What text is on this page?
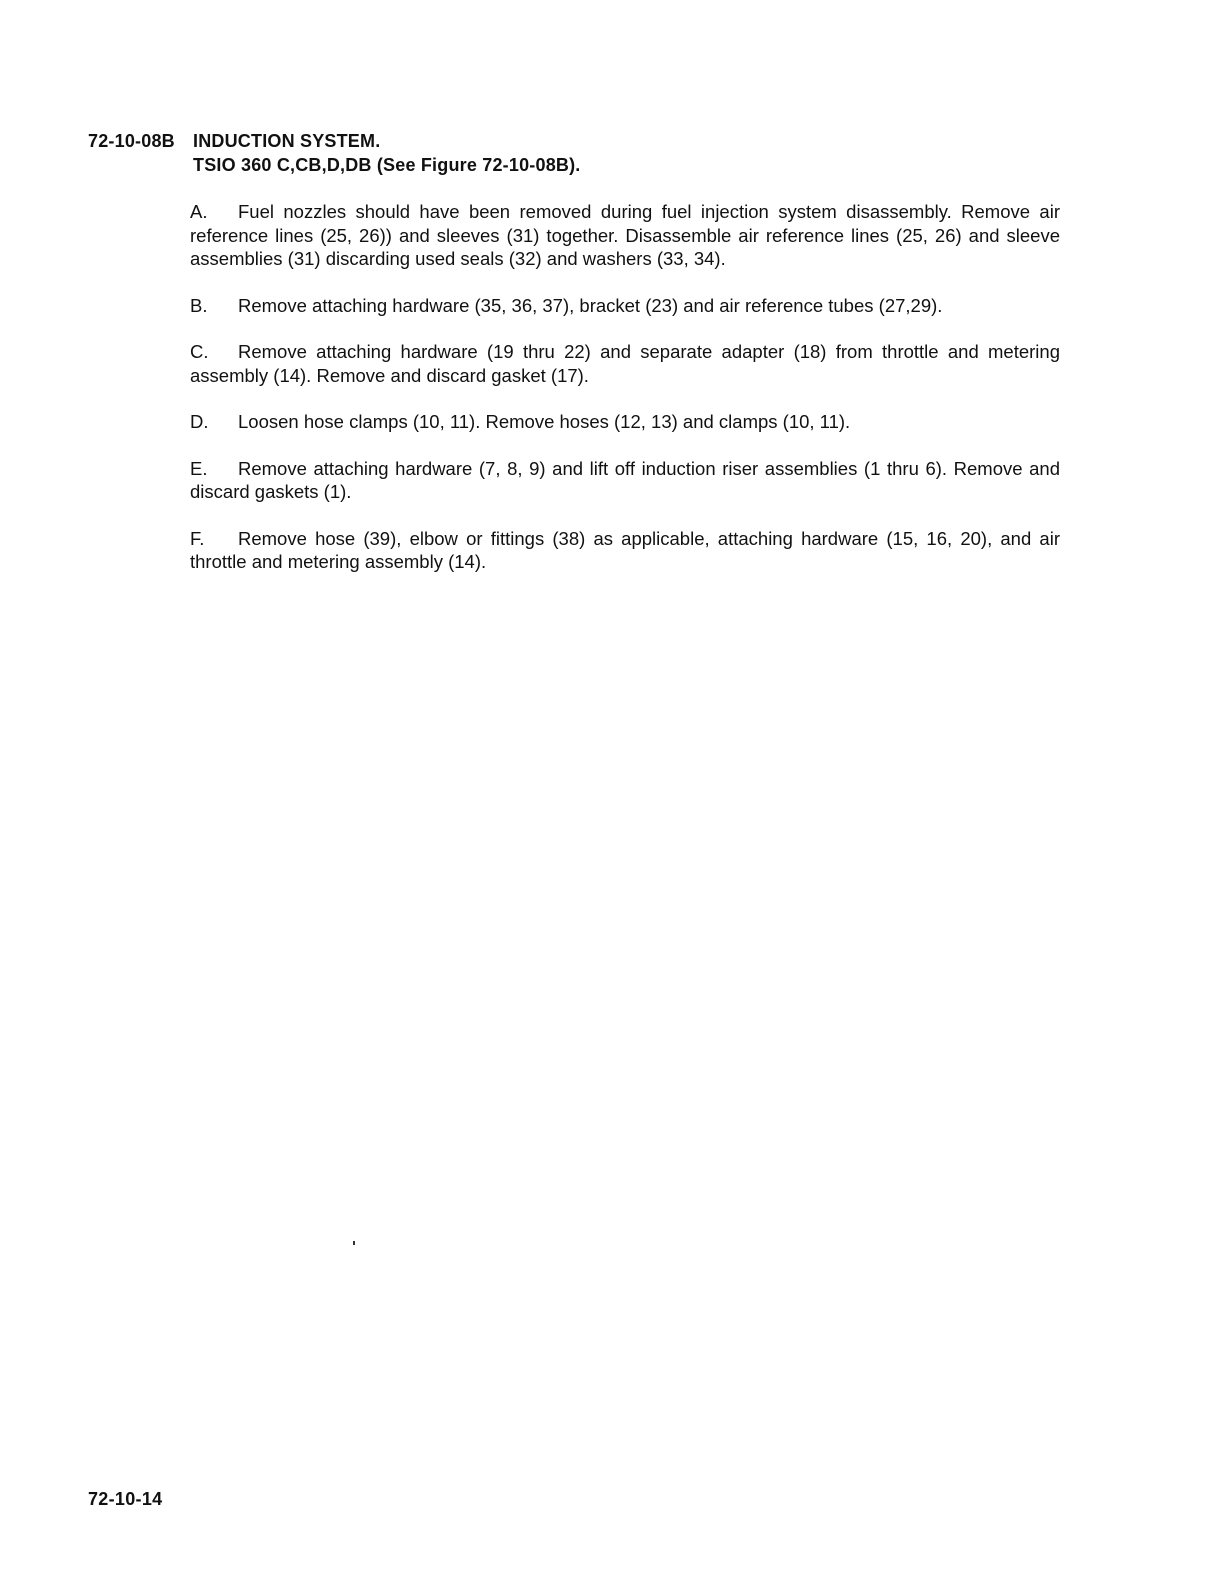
72-10-08B INDUCTION SYSTEM.
TSIO 360 C,CB,D,DB (See Figure 72-10-08B).
A. Fuel nozzles should have been removed during fuel injection system disassembly. Remove air reference lines (25, 26)) and sleeves (31) together. Disassemble air reference lines (25, 26) and sleeve assemblies (31) discarding used seals (32) and washers (33, 34).
B. Remove attaching hardware (35, 36, 37), bracket (23) and air reference tubes (27,29).
C. Remove attaching hardware (19 thru 22) and separate adapter (18) from throttle and metering assembly (14). Remove and discard gasket (17).
D. Loosen hose clamps (10, 11). Remove hoses (12, 13) and clamps (10, 11).
E. Remove attaching hardware (7, 8, 9) and lift off induction riser assemblies (1 thru 6). Remove and discard gaskets (1).
F. Remove hose (39), elbow or fittings (38) as applicable, attaching hardware (15, 16, 20), and air throttle and metering assembly (14).
72-10-14
